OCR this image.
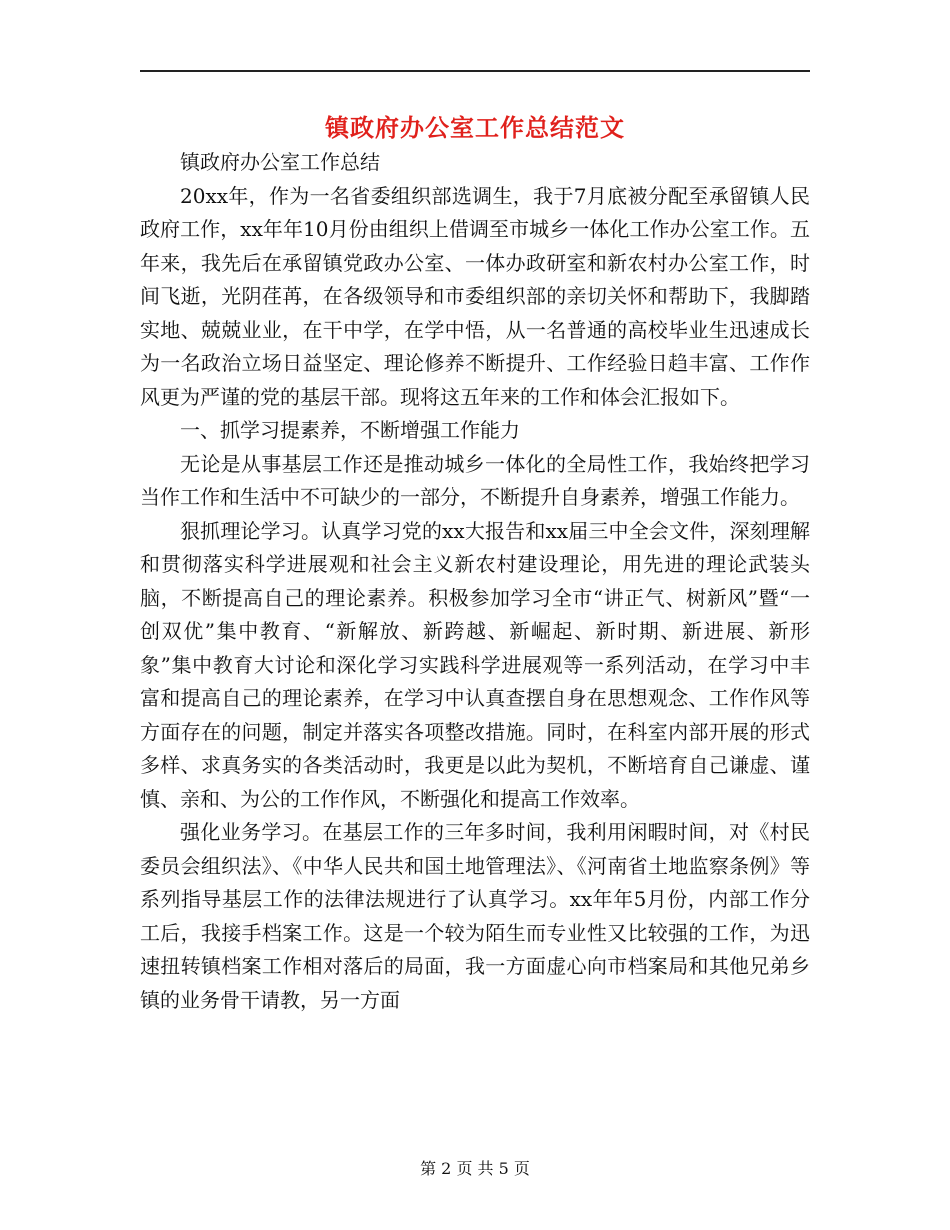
镇政府办公室工作总结范文

镇政府办公室工作总结

20xx年，作为一名省委组织部选调生，我于7月底被分配至承留镇人民政府工作，xx年年10月份由组织上借调至市城乡一体化工作办公室工作。五年来，我先后在承留镇党政办公室、一体办政研室和新农村办公室工作，时间飞逝，光阴荏苒，在各级领导和市委组织部的亲切关怀和帮助下，我脚踏实地、兢兢业业，在干中学，在学中悟，从一名普通的高校毕业生迅速成长为一名政治立场日益坚定、理论修养不断提升、工作经验日趋丰富、工作作风更为严谨的党的基层干部。现将这五年来的工作和体会汇报如下。

一、抓学习提素养，不断增强工作能力

无论是从事基层工作还是推动城乡一体化的全局性工作，我始终把学习当作工作和生活中不可缺少的一部分，不断提升自身素养，增强工作能力。

狠抓理论学习。认真学习党的xx大报告和xx届三中全会文件，深刻理解和贯彻落实科学进展观和社会主义新农村建设理论，用先进的理论武装头脑，不断提高自己的理论素养。积极参加学习全市“讲正气、树新风”暨“一创双优”集中教育、“新解放、新跨越、新崛起、新时期、新进展、新形象”集中教育大讨论和深化学习实践科学进展观等一系列活动，在学习中丰富和提高自己的理论素养，在学习中认真查摆自身在思想观念、工作作风等方面存在的问题，制定并落实各项整改措施。同时，在科室内部开展的形式多样、求真务实的各类活动时，我更是以此为契机，不断培育自己谦虚、谨慎、亲和、为公的工作作风，不断强化和提高工作效率。

强化业务学习。在基层工作的三年多时间，我利用闲暇时间，对《村民委员会组织法》、《中华人民共和国土地管理法》、《河南省土地监察条例》等系列指导基层工作的法律法规进行了认真学习。xx年年5月份，内部工作分工后，我接手档案工作。这是一个较为陌生而专业性又比较强的工作，为迅速扭转镇档案工作相对落后的局面，我一方面虚心向市档案局和其他兄弟乡镇的业务骨干请教，另一方面

第 2 页 共 5 页
